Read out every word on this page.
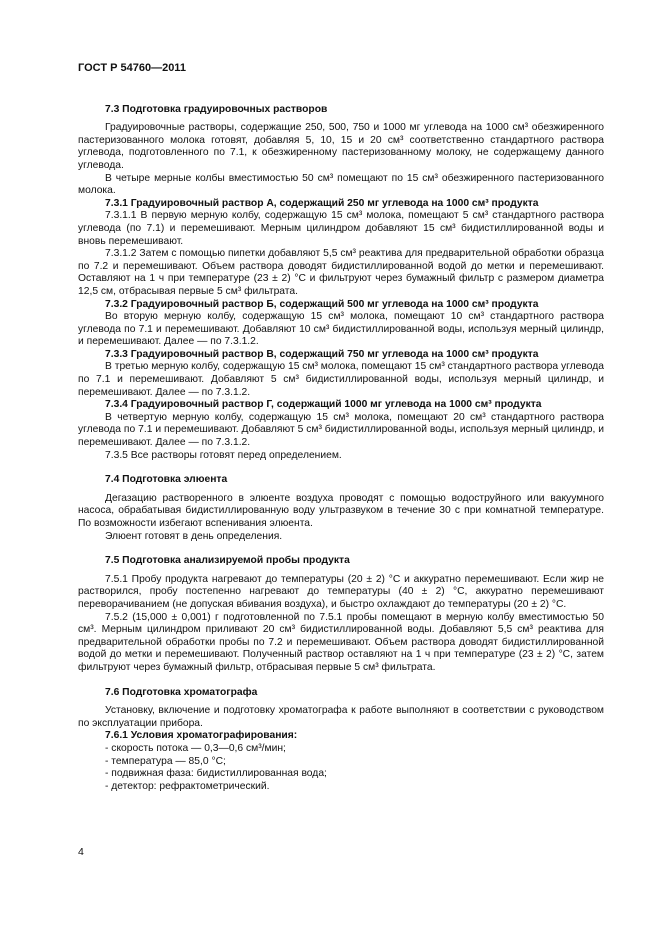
ГОСТ Р 54760—2011
7.3 Подготовка градуировочных растворов
Градуировочные растворы, содержащие 250, 500, 750 и 1000 мг углевода на 1000 см³ обезжиренного пастеризованного молока готовят, добавляя 5, 10, 15 и 20 см³ соответственно стандартного раствора углевода, подготовленного по 7.1, к обезжиренному пастеризованному молоку, не содержащему данного углевода.
В четыре мерные колбы вместимостью 50 см³ помещают по 15 см³ обезжиренного пастеризованного молока.
7.3.1 Градуировочный раствор А, содержащий 250 мг углевода на 1000 см³ продукта
7.3.1.1 В первую мерную колбу, содержащую 15 см³ молока, помещают 5 см³ стандартного раствора углевода (по 7.1) и перемешивают. Мерным цилиндром добавляют 15 см³ бидистиллированной воды и вновь перемешивают.
7.3.1.2 Затем с помощью пипетки добавляют 5,5 см³ реактива для предварительной обработки образца по 7.2 и перемешивают. Объем раствора доводят бидистиллированной водой до метки и перемешивают. Оставляют на 1 ч при температуре (23 ± 2) °С и фильтруют через бумажный фильтр с размером диаметра 12,5 см, отбрасывая первые 5 см³ фильтрата.
7.3.2 Градуировочный раствор Б, содержащий 500 мг углевода на 1000 см³ продукта
Во вторую мерную колбу, содержащую 15 см³ молока, помещают 10 см³ стандартного раствора углевода по 7.1 и перемешивают. Добавляют 10 см³ бидистиллированной воды, используя мерный цилиндр, и перемешивают. Далее — по 7.3.1.2.
7.3.3 Градуировочный раствор В, содержащий 750 мг углевода на 1000 см³ продукта
В третью мерную колбу, содержащую 15 см³ молока, помещают 15 см³ стандартного раствора углевода по 7.1 и перемешивают. Добавляют 5 см³ бидистиллированной воды, используя мерный цилиндр, и перемешивают. Далее — по 7.3.1.2.
7.3.4 Градуировочный раствор Г, содержащий 1000 мг углевода на 1000 см³ продукта
В четвертую мерную колбу, содержащую 15 см³ молока, помещают 20 см³ стандартного раствора углевода по 7.1 и перемешивают. Добавляют 5 см³ бидистиллированной воды, используя мерный цилиндр, и перемешивают. Далее — по 7.3.1.2.
7.3.5 Все растворы готовят перед определением.
7.4 Подготовка элюента
Дегазацию растворенного в элюенте воздуха проводят с помощью водоструйного или вакуумного насоса, обрабатывая бидистиллированную воду ультразвуком в течение 30 с при комнатной температуре. По возможности избегают вспенивания элюента.
Элюент готовят в день определения.
7.5 Подготовка анализируемой пробы продукта
7.5.1 Пробу продукта нагревают до температуры (20 ± 2) °С и аккуратно перемешивают. Если жир не растворился, пробу постепенно нагревают до температуры (40 ± 2) °С, аккуратно перемешивают переворачиванием (не допуская вбивания воздуха), и быстро охлаждают до температуры (20 ± 2) °С.
7.5.2 (15,000 ± 0,001) г подготовленной по 7.5.1 пробы помещают в мерную колбу вместимостью 50 см³. Мерным цилиндром приливают 20 см³ бидистиллированной воды. Добавляют 5,5 см³ реактива для предварительной обработки пробы по 7.2 и перемешивают. Объем раствора доводят бидистиллированной водой до метки и перемешивают. Полученный раствор оставляют на 1 ч при температуре (23 ± 2) °С, затем фильтруют через бумажный фильтр, отбрасывая первые 5 см³ фильтрата.
7.6 Подготовка хроматографа
Установку, включение и подготовку хроматографа к работе выполняют в соответствии с руководством по эксплуатации прибора.
7.6.1 Условия хроматографирования:
- скорость потока — 0,3—0,6 см³/мин;
- температура — 85,0 °С;
- подвижная фаза: бидистиллированная вода;
- детектор: рефрактометрический.
4
